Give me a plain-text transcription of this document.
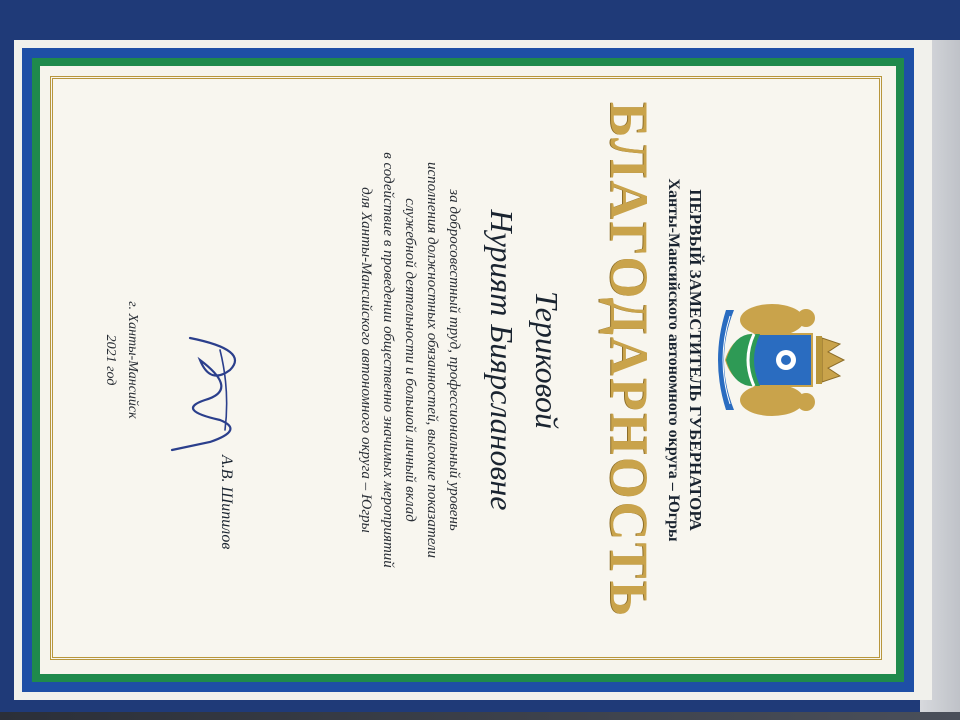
ПЕРВЫЙ ЗАМЕСТИТЕЛЬ ГУБЕРНАТОРА
Ханты-Мансийского автономного округа – Югры
БЛАГОДАРНОСТЬ
Териковой
Нурият Биярслановне
за добросовестный труд, профессиональный уровень
исполнения должностных обязанностей, высокие показатели
служебной деятельности и большой личный вклад
в содействие в проведении общественно значимых мероприятий
для Ханты-Мансийского автономного округа – Югры
А.В. Шипилов
г. Ханты-Мансийск
2021 год
